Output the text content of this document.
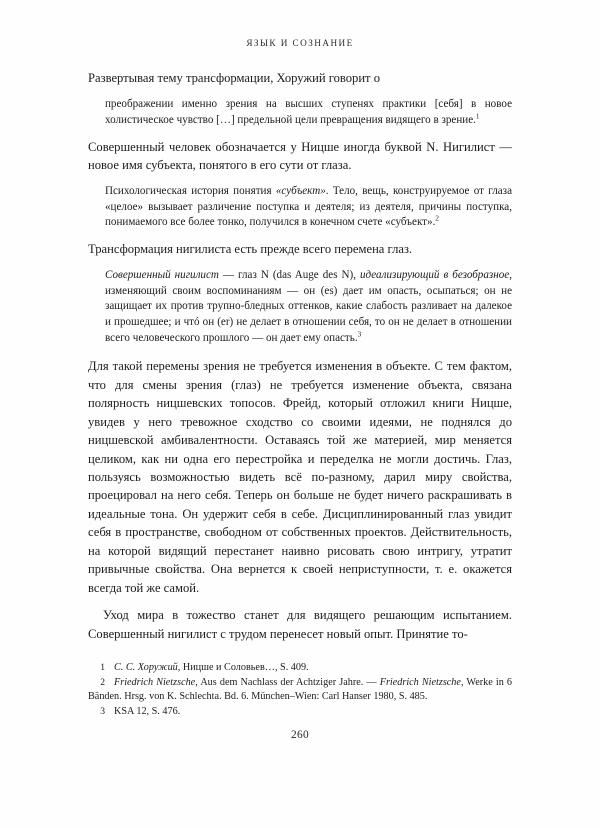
ЯЗЫК И СОЗНАНИЕ

Развертывая тему трансформации, Хоружий говорит о

преображении именно зрения на высших ступенях практики [себя] в новое холистическое чувство […] предельной цели превращения видящего в зрение.$^1$

Совершенный человек обозначается у Ницше иногда буквой N. Нигилист — новое имя субъекта, понятого в его сути от глаза.

Психологическая история понятия «субъект». Тело, вещь, конструируемое от глаза «целое» вызывает различение поступка и деятеля; из деятеля, причины поступка, понимаемого все более тонко, получился в конечном счете «субъект».$^2$

Трансформация нигилиста есть прежде всего перемена глаз.

Совершенный нигилист — глаз N (das Auge des N), идеализирующий в безобразное, изменяющий своим воспоминаниям — он (es) дает им опасть, осыпаться; он не защищает их против трупно-бледных оттенков, какие слабость разливает на далекое и прошедшее; и чтó он (er) не делает в отношении себя, то он не делает в отношении всего человеческого прошлого — он дает ему опасть.$^3$

Для такой перемены зрения не требуется изменения в объекте. С тем фактом, что для смены зрения (глаз) не требуется изменение объекта, связана полярность ницшевских топосов. Фрейд, который отложил книги Ницше, увидев у него тревожное сходство со своими идеями, не поднялся до ницшевской амбивалентности. Оставаясь той же материей, мир меняется целиком, как ни одна его перестройка и переделка не могли достичь. Глаз, пользуясь возможностью видеть всё по-разному, дарил миру свойства, проецировал на него себя. Теперь он больше не будет ничего раскрашивать в идеальные тона. Он удержит себя в себе. Дисциплинированный глаз увидит себя в пространстве, свободном от собственных проектов. Действительность, на которой видящий перестанет наивно рисовать свою интригу, утратит привычные свойства. Она вернется к своей неприступности, т. е. окажется всегда той же самой.

Уход мира в тожество станет для видящего решающим испытанием. Совершенный нигилист с трудом перенесет новый опыт. Принятие то-

1 С. С. Хоружий, Ницше и Соловьев…, S. 409.

2 Friedrich Nietzsche, Aus dem Nachlass der Achtziger Jahre. — Friedrich Nietzsche, Werke in 6 Bänden. Hrsg. von K. Schlechta. Bd. 6. München–Wien: Carl Hanser 1980, S. 485.

3 KSA 12, S. 476.

260
